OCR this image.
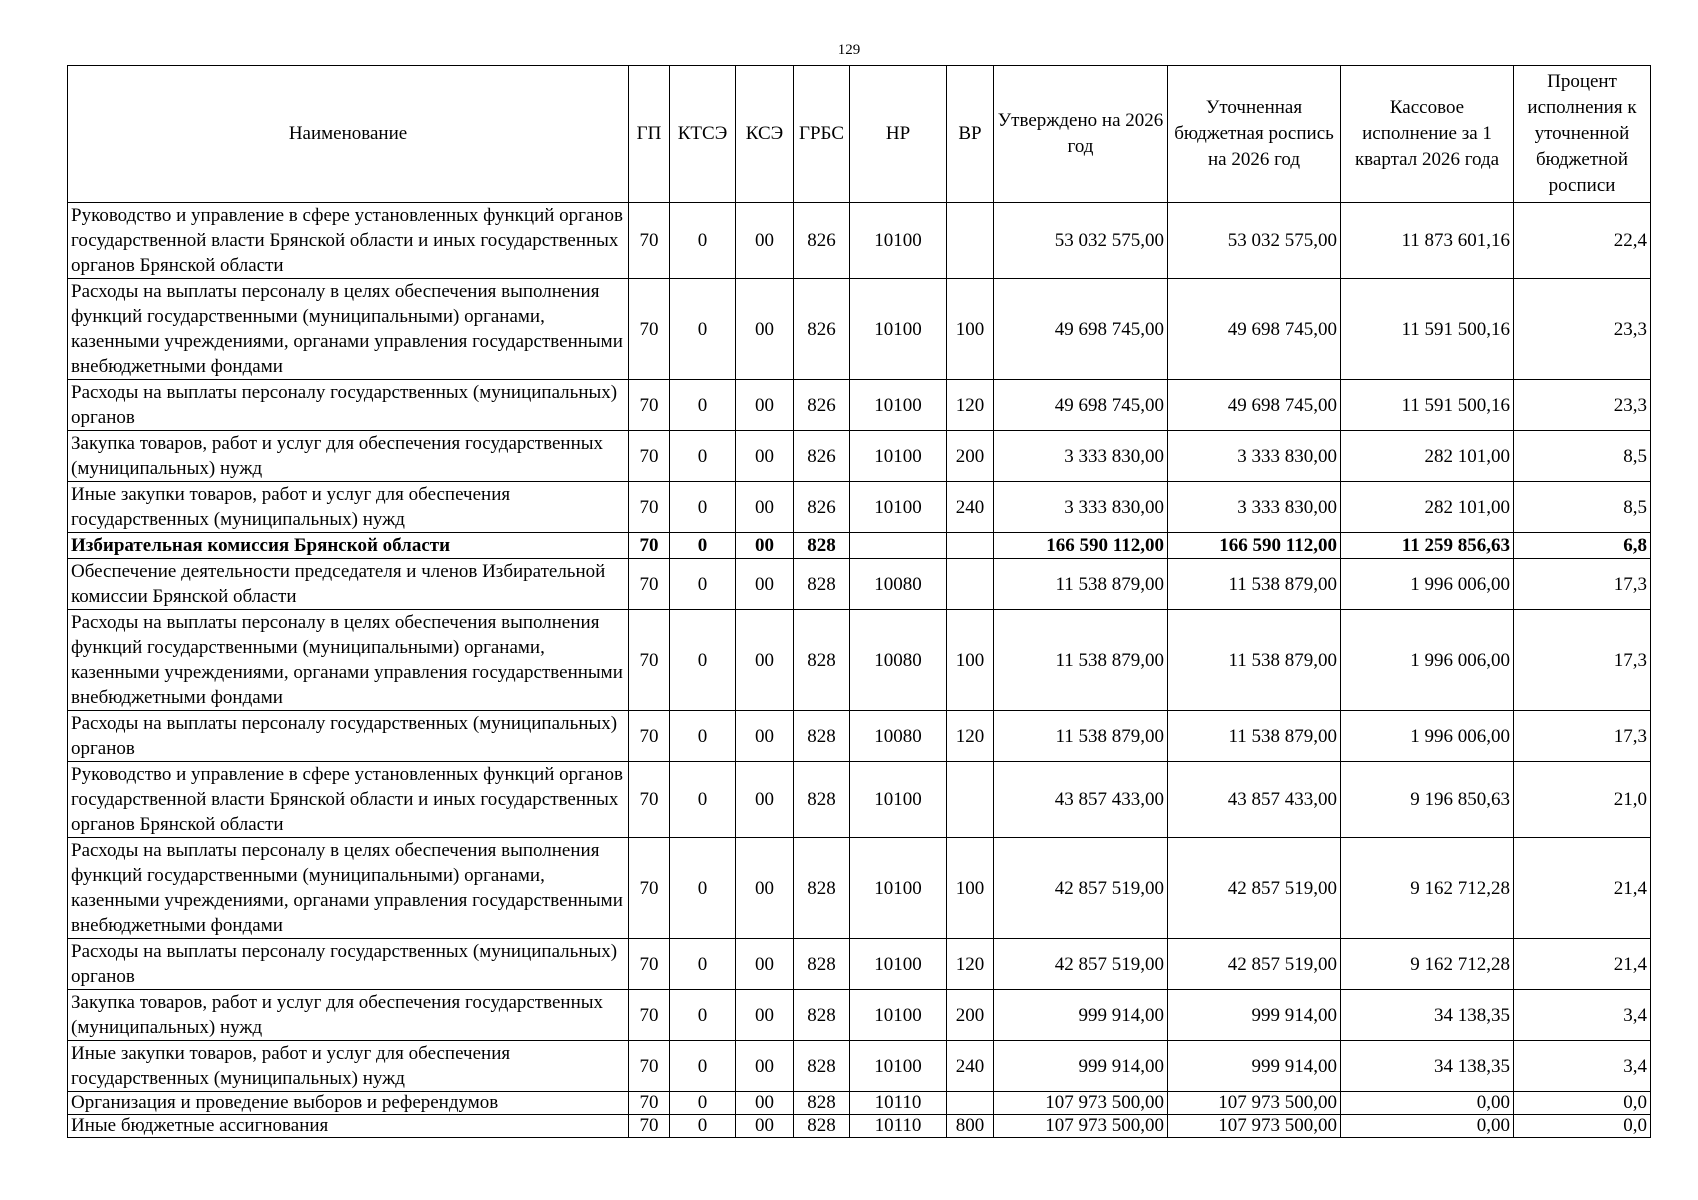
129
Наименование	ГП	КТСЭ	КСЭ	ГРБС	НР	ВР	Утверждено на 2026 год	Уточненная бюджетная роспись на 2026 год	Кассовое исполнение за 1 квартал 2026 года	Процент исполнения к уточненной бюджетной росписи
Руководство и управление в сфере установленных функций органов государственной власти Брянской области и иных государственных органов Брянской области	70	0	00	826	10100		53 032 575,00	53 032 575,00	11 873 601,16	22,4
Расходы на выплаты персоналу в целях обеспечения выполнения функций государственными (муниципальными) органами, казенными учреждениями, органами управления государственными внебюджетными фондами	70	0	00	826	10100	100	49 698 745,00	49 698 745,00	11 591 500,16	23,3
Расходы на выплаты персоналу государственных (муниципальных) органов	70	0	00	826	10100	120	49 698 745,00	49 698 745,00	11 591 500,16	23,3
Закупка товаров, работ и услуг для обеспечения государственных (муниципальных) нужд	70	0	00	826	10100	200	3 333 830,00	3 333 830,00	282 101,00	8,5
Иные закупки товаров, работ и услуг для обеспечения государственных (муниципальных) нужд	70	0	00	826	10100	240	3 333 830,00	3 333 830,00	282 101,00	8,5
Избирательная комиссия Брянской области	70	0	00	828			166 590 112,00	166 590 112,00	11 259 856,63	6,8
Обеспечение деятельности председателя и членов Избирательной комиссии Брянской области	70	0	00	828	10080		11 538 879,00	11 538 879,00	1 996 006,00	17,3
Расходы на выплаты персоналу в целях обеспечения выполнения функций государственными (муниципальными) органами, казенными учреждениями, органами управления государственными внебюджетными фондами	70	0	00	828	10080	100	11 538 879,00	11 538 879,00	1 996 006,00	17,3
Расходы на выплаты персоналу государственных (муниципальных) органов	70	0	00	828	10080	120	11 538 879,00	11 538 879,00	1 996 006,00	17,3
Руководство и управление в сфере установленных функций органов государственной власти Брянской области и иных государственных органов Брянской области	70	0	00	828	10100		43 857 433,00	43 857 433,00	9 196 850,63	21,0
Расходы на выплаты персоналу в целях обеспечения выполнения функций государственными (муниципальными) органами, казенными учреждениями, органами управления государственными внебюджетными фондами	70	0	00	828	10100	100	42 857 519,00	42 857 519,00	9 162 712,28	21,4
Расходы на выплаты персоналу государственных (муниципальных) органов	70	0	00	828	10100	120	42 857 519,00	42 857 519,00	9 162 712,28	21,4
Закупка товаров, работ и услуг для обеспечения государственных (муниципальных) нужд	70	0	00	828	10100	200	999 914,00	999 914,00	34 138,35	3,4
Иные закупки товаров, работ и услуг для обеспечения государственных (муниципальных) нужд	70	0	00	828	10100	240	999 914,00	999 914,00	34 138,35	3,4
Организация и проведение выборов и референдумов	70	0	00	828	10110		107 973 500,00	107 973 500,00	0,00	0,0
Иные бюджетные ассигнования	70	0	00	828	10110	800	107 973 500,00	107 973 500,00	0,00	0,0
